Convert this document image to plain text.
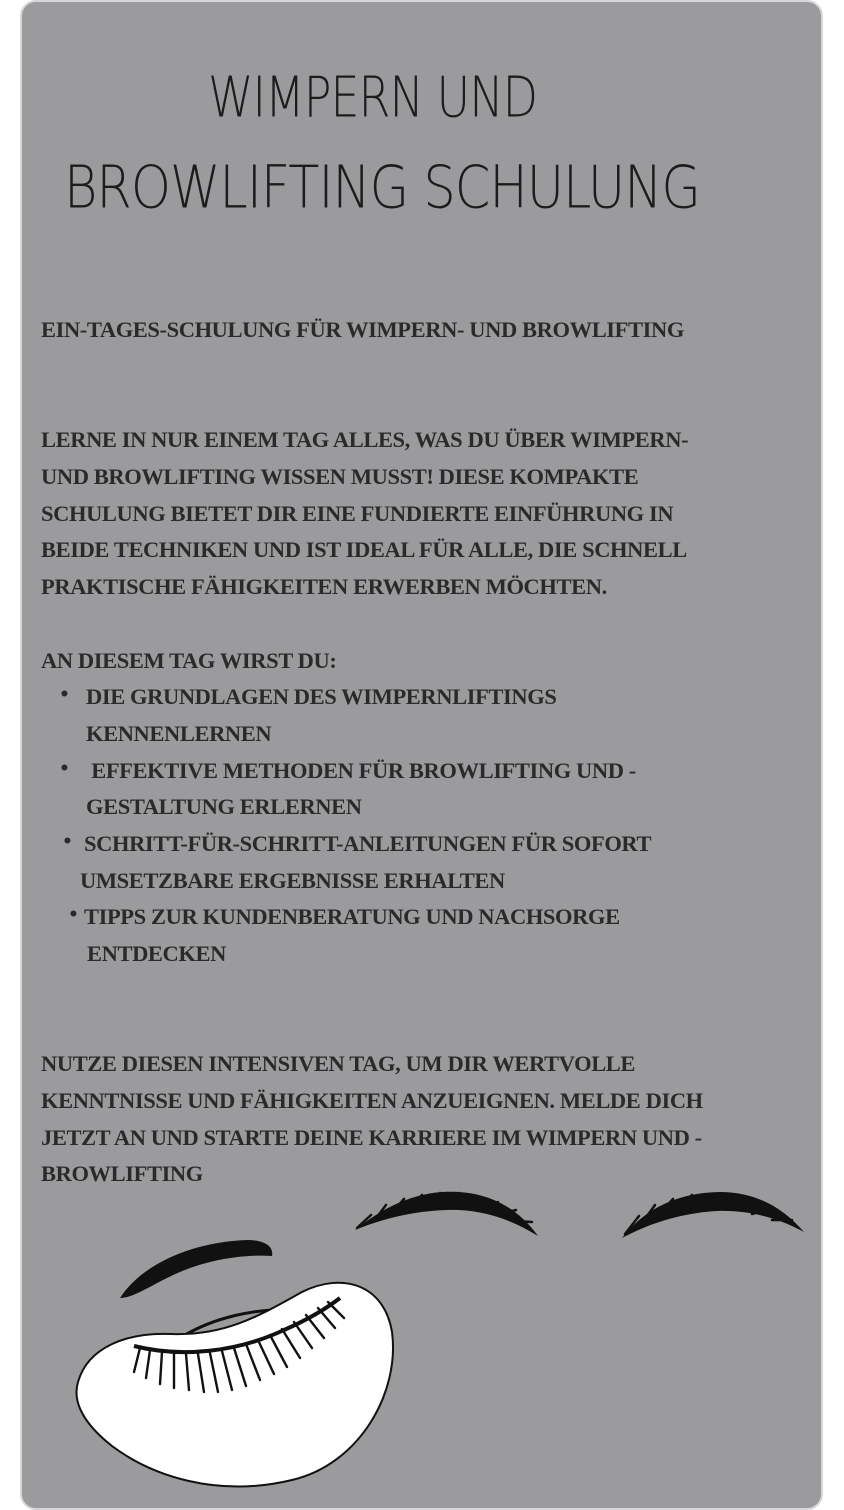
WIMPERN UND
BROWLIFTING SCHULUNG
EIN-TAGES-SCHULUNG FÜR WIMPERN- UND BROWLIFTING
LERNE IN NUR EINEM TAG ALLES, WAS DU ÜBER WIMPERN-
UND BROWLIFTING WISSEN MUSST! DIESE KOMPAKTE
SCHULUNG BIETET DIR EINE FUNDIERTE EINFÜHRUNG IN
BEIDE TECHNIKEN UND IST IDEAL FÜR ALLE, DIE SCHNELL
PRAKTISCHE FÄHIGKEITEN ERWERBEN MÖCHTEN.
AN DIESEM TAG WIRST DU:
• DIE GRUNDLAGEN DES WIMPERNLIFTINGS
KENNENLERNEN
• EFFEKTIVE METHODEN FÜR BROWLIFTING UND -
GESTALTUNG ERLERNEN
• SCHRITT-FÜR-SCHRITT-ANLEITUNGEN FÜR SOFORT
UMSETZBARE ERGEBNISSE ERHALTEN
• TIPPS ZUR KUNDENBERATUNG UND NACHSORGE
ENTDECKEN
NUTZE DIESEN INTENSIVEN TAG, UM DIR WERTVOLLE
KENNTNISSE UND FÄHIGKEITEN ANZUEIGNEN. MELDE DICH
JETZT AN UND STARTE DEINE KARRIERE IM WIMPERN UND -
BROWLIFTING
